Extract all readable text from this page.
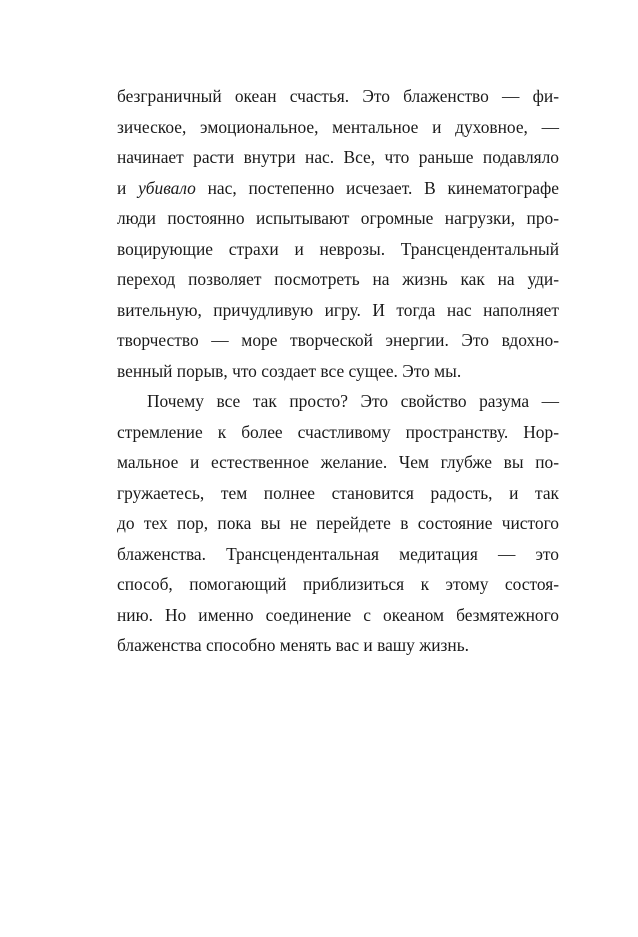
безграничный океан счастья. Это блаженство — фи-
зическое, эмоциональное, ментальное и духовное, —
начинает расти внутри нас. Все, что раньше подавляло
и убивало нас, постепенно исчезает. В кинематографе
люди постоянно испытывают огромные нагрузки, про-
воцирующие страхи и неврозы. Трансцендентальный
переход позволяет посмотреть на жизнь как на уди-
вительную, причудливую игру. И тогда нас наполняет
творчество — море творческой энергии. Это вдохно-
венный порыв, что создает все сущее. Это мы.
Почему все так просто? Это свойство разума —
стремление к более счастливому пространству. Нор-
мальное и естественное желание. Чем глубже вы по-
гружаетесь, тем полнее становится радость, и так
до тех пор, пока вы не перейдете в состояние чистого
блаженства. Трансцендентальная медитация — это
способ, помогающий приблизиться к этому состоя-
нию. Но именно соединение с океаном безмятежного
блаженства способно менять вас и вашу жизнь.
